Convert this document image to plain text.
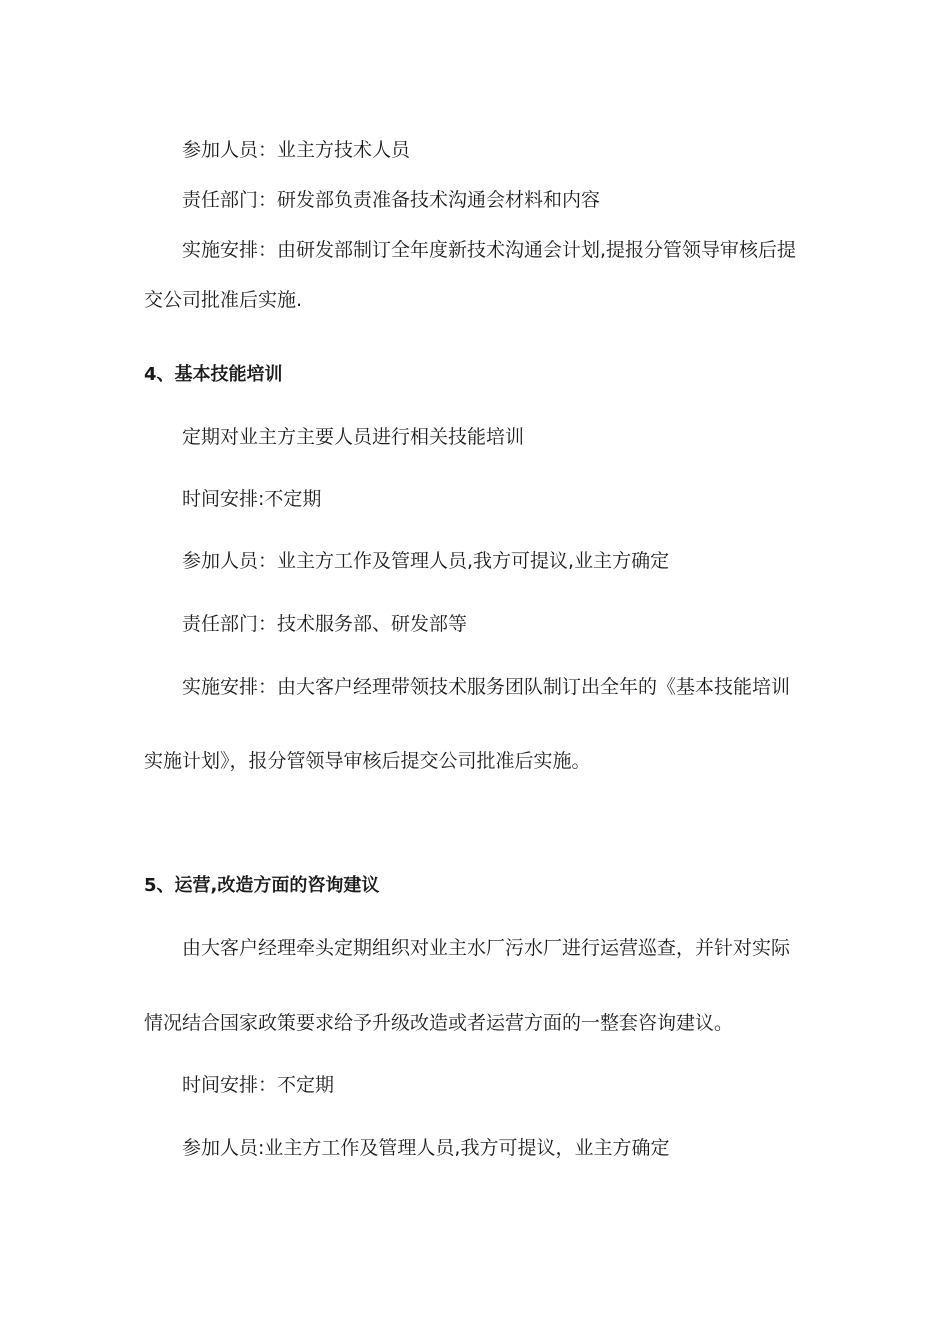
参加人员：业主方技术人员
责任部门：研发部负责准备技术沟通会材料和内容
实施安排：由研发部制订全年度新技术沟通会计划,提报分管领导审核后提
交公司批准后实施.
4、基本技能培训
定期对业主方主要人员进行相关技能培训
时间安排:不定期
参加人员：业主方工作及管理人员,我方可提议,业主方确定
责任部门：技术服务部、研发部等
实施安排：由大客户经理带领技术服务团队制订出全年的《基本技能培训
实施计划》，报分管领导审核后提交公司批准后实施。
5、运营,改造方面的咨询建议
由大客户经理牵头定期组织对业主水厂污水厂进行运营巡查，并针对实际
情况结合国家政策要求给予升级改造或者运营方面的一整套咨询建议。
时间安排：不定期
参加人员:业主方工作及管理人员,我方可提议，业主方确定
